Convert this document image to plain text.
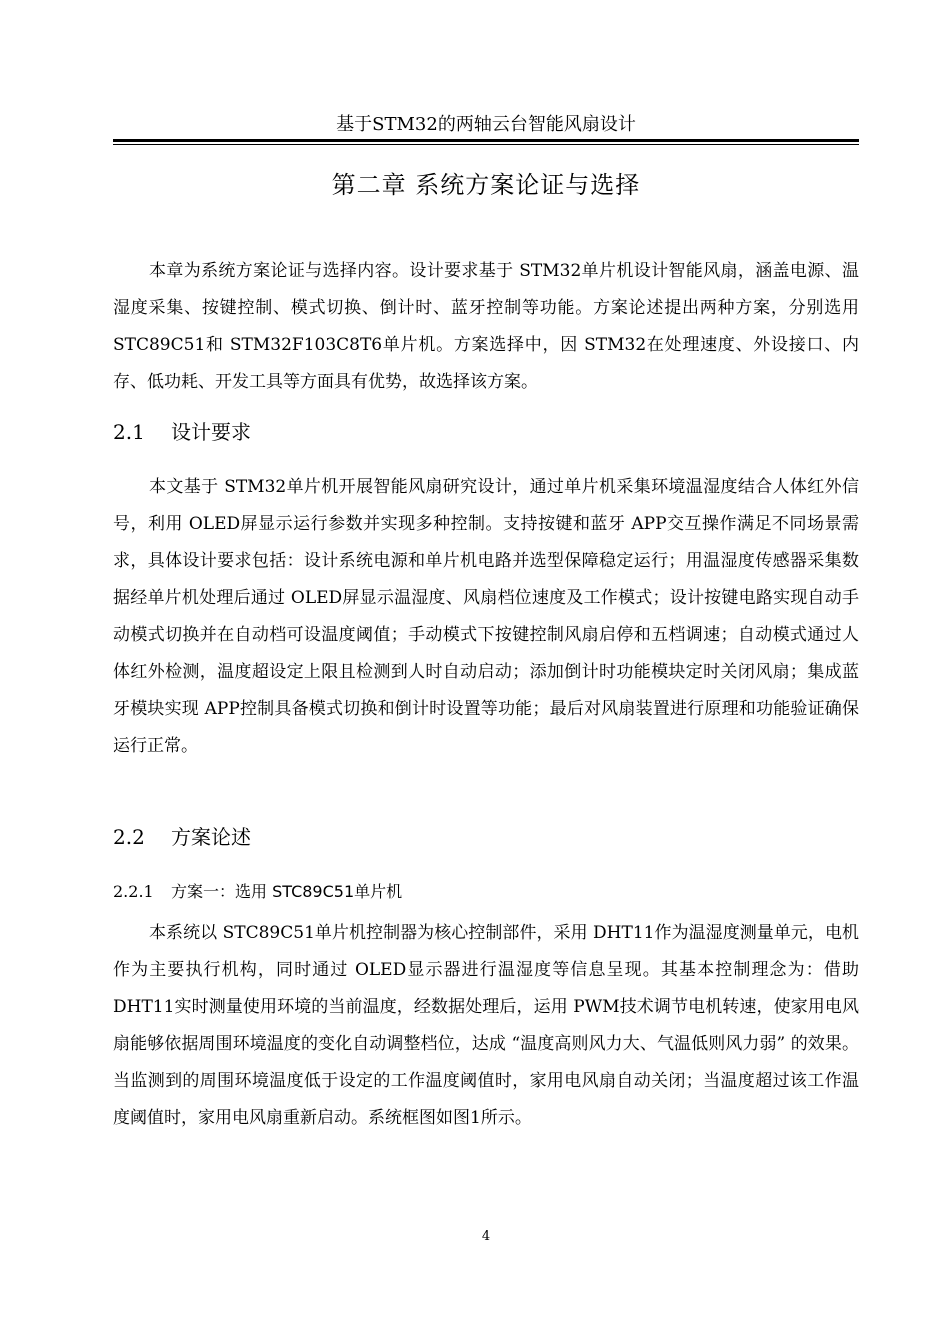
基于STM32的两轴云台智能风扇设计
第二章 系统方案论证与选择

本章为系统方案论证与选择内容。设计要求基于 STM32单片机设计智能风扇，涵盖电源、温湿度采集、按键控制、模式切换、倒计时、蓝牙控制等功能。方案论述提出两种方案，分别选用 STC89C51和 STM32F103C8T6单片机。方案选择中，因 STM32在处理速度、外设接口、内存、低功耗、开发工具等方面具有优势，故选择该方案。

2.1 设计要求

本文基于 STM32单片机开展智能风扇研究设计，通过单片机采集环境温湿度结合人体红外信号，利用 OLED屏显示运行参数并实现多种控制。支持按键和蓝牙 APP交互操作满足不同场景需求，具体设计要求包括：设计系统电源和单片机电路并选型保障稳定运行；用温湿度传感器采集数据经单片机处理后通过 OLED屏显示温湿度、风扇档位速度及工作模式；设计按键电路实现自动手动模式切换并在自动档可设温度阈值；手动模式下按键控制风扇启停和五档调速；自动模式通过人体红外检测，温度超设定上限且检测到人时自动启动；添加倒计时功能模块定时关闭风扇；集成蓝牙模块实现 APP控制具备模式切换和倒计时设置等功能；最后对风扇装置进行原理和功能验证确保运行正常。

2.2 方案论述
2.2.1 方案一：选用 STC89C51单片机

本系统以 STC89C51单片机控制器为核心控制部件，采用 DHT11作为温湿度测量单元，电机作为主要执行机构，同时通过 OLED显示器进行温湿度等信息呈现。其基本控制理念为：借助 DHT11实时测量使用环境的当前温度，经数据处理后，运用 PWM技术调节电机转速，使家用电风扇能够依据周围环境温度的变化自动调整档位，达成 “温度高则风力大、气温低则风力弱” 的效果。当监测到的周围环境温度低于设定的工作温度阈值时，家用电风扇自动关闭；当温度超过该工作温度阈值时，家用电风扇重新启动。系统框图如图1所示。

4
